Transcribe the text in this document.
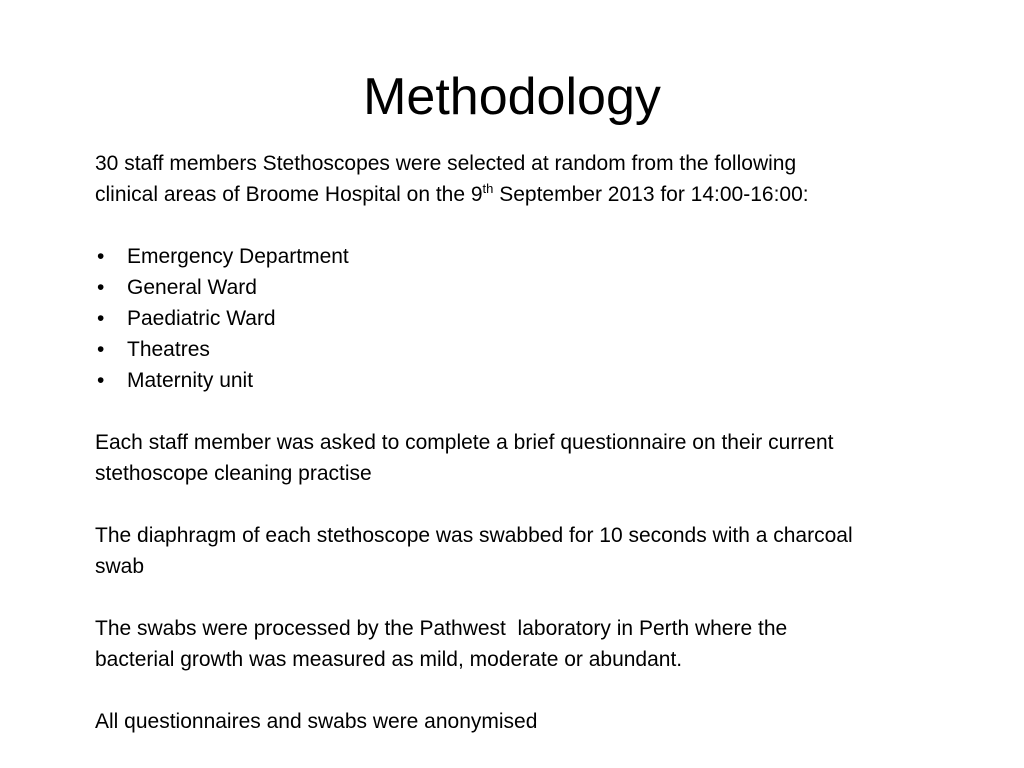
Methodology

30 staff members Stethoscopes were selected at random from the following
clinical areas of Broome Hospital on the 9th September 2013 for 14:00-16:00:

• Emergency Department
• General Ward
• Paediatric Ward
• Theatres
• Maternity unit

Each staff member was asked to complete a brief questionnaire on their current
stethoscope cleaning practise

The diaphragm of each stethoscope was swabbed for 10 seconds with a charcoal
swab

The swabs were processed by the Pathwest  laboratory in Perth where the
bacterial growth was measured as mild, moderate or abundant.

All questionnaires and swabs were anonymised
